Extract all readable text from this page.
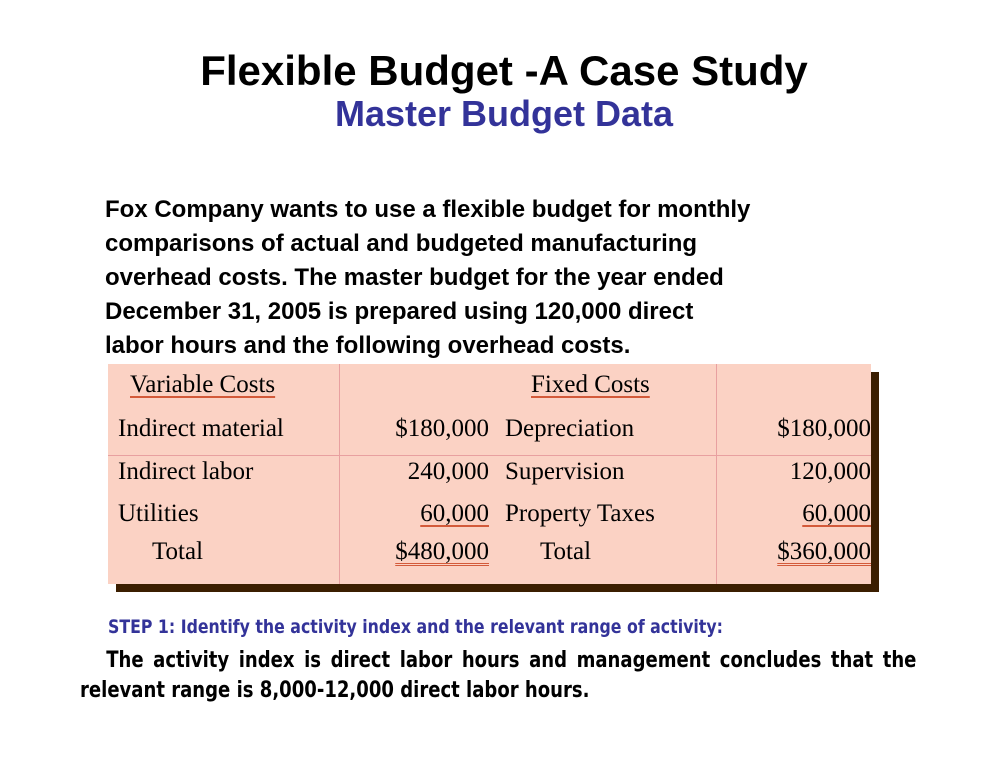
Flexible Budget -A Case Study
Master Budget Data
Fox Company wants to use a flexible budget for monthly
comparisons of actual and budgeted manufacturing
overhead costs. The master budget for the year ended
December 31, 2005 is prepared using 120,000 direct
labor hours and the following overhead costs.
Variable Costs	Fixed Costs
Indirect material	$180,000 Depreciation	$180,000
Indirect labor	240,000 Supervision	120,000
Utilities	60,000 Property Taxes	60,000
Total	$480,000 Total	$360,000
STEP 1: Identify the activity index and the relevant range of activity:
The activity index is direct labor hours and management concludes that the
relevant range is 8,000-12,000 direct labor hours.
